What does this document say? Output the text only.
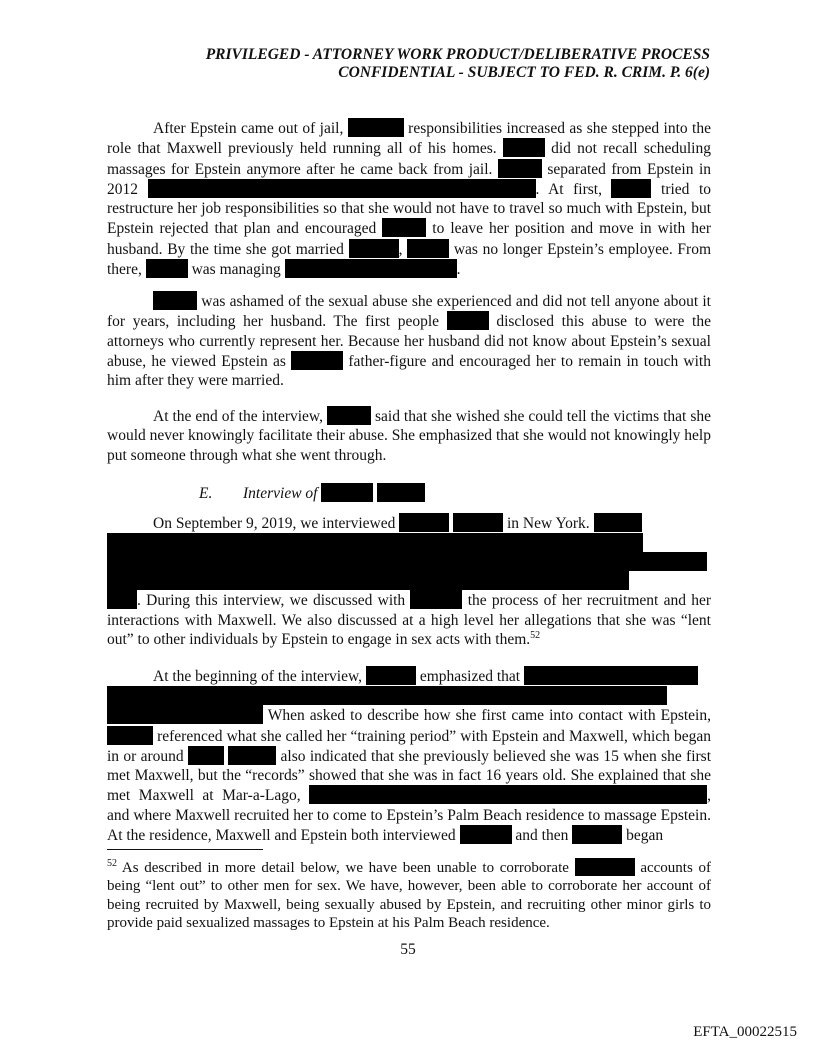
PRIVILEGED - ATTORNEY WORK PRODUCT/DELIBERATIVE PROCESS
CONFIDENTIAL - SUBJECT TO FED. R. CRIM. P. 6(e)

After Epstein came out of jail,	responsibilities increased as she stepped into the role that Maxwell previously held running all of his homes.	did not recall scheduling massages for Epstein anymore after he came back from jail.	separated from Epstein in 2012	. At first,	tried to restructure her job responsibilities so that she would not have to travel so much with Epstein, but Epstein rejected that plan and encouraged	to leave her position and move in with her husband. By the time she got married	,	was no longer Epstein’s employee. From there,	was managing	.

was ashamed of the sexual abuse she experienced and did not tell anyone about it for years, including her husband. The first people	disclosed this abuse to were the attorneys who currently represent her. Because her husband did not know about Epstein’s sexual abuse, he viewed Epstein as	father-figure and encouraged her to remain in touch with him after they were married.

At the end of the interview,	said that she wished she could tell the victims that she would never knowingly facilitate their abuse. She emphasized that she would not knowingly help put someone through what she went through.

E. Interview of

On September 9, 2019, we interviewed	in New York.

. During this interview, we discussed with	the process of her recruitment and her interactions with Maxwell. We also discussed at a high level her allegations that she was “lent out” to other individuals by Epstein to engage in sex acts with them.$^{52}$

At the beginning of the interview,	emphasized that

When asked to describe how she first came into contact with Epstein,  referenced what she called her “training period” with Epstein and Maxwell, which began in or around	also indicated that she previously believed she was 15 when she first met Maxwell, but the “records” showed that she was in fact 16 years old. She explained that she met Maxwell at Mar-a-Lago,	, and where Maxwell recruited her to come to Epstein’s Palm Beach residence to massage Epstein. At the residence, Maxwell and Epstein both interviewed	and then	began

$^{52}$ As described in more detail below, we have been unable to corroborate	accounts of being “lent out” to other men for sex. We have, however, been able to corroborate her account of being recruited by Maxwell, being sexually abused by Epstein, and recruiting other minor girls to provide paid sexualized massages to Epstein at his Palm Beach residence.
55
EFTA_00022515
